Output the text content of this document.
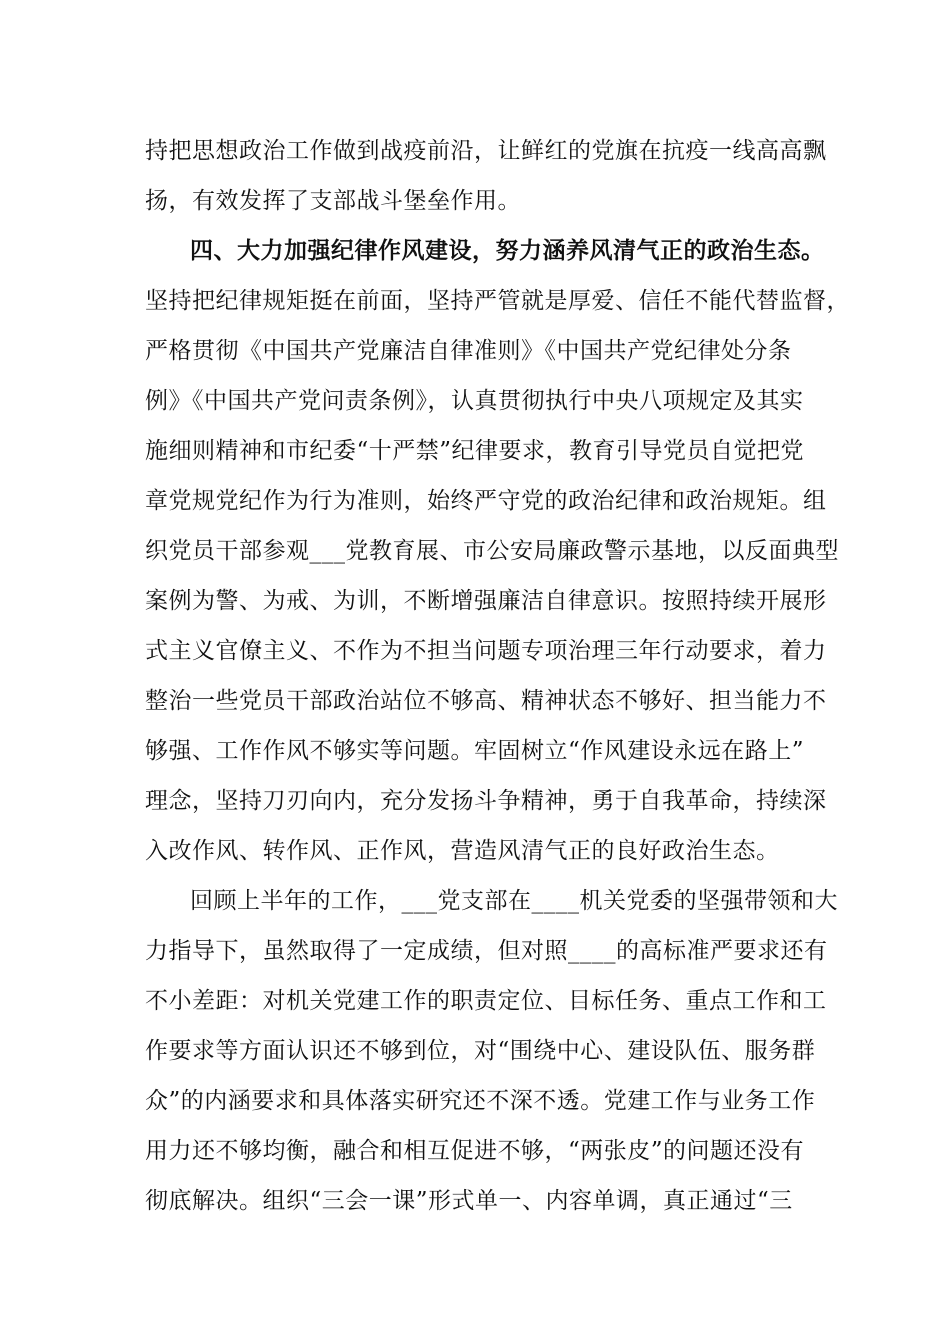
持把思想政治工作做到战疫前沿，让鲜红的党旗在抗疫一线高高飘
扬，有效发挥了支部战斗堡垒作用。
四、大力加强纪律作风建设，努力涵养风清气正的政治生态。
坚持把纪律规矩挺在前面，坚持严管就是厚爱、信任不能代替监督，
严格贯彻《中国共产党廉洁自律准则》《中国共产党纪律处分条
例》《中国共产党问责条例》，认真贯彻执行中央八项规定及其实
施细则精神和市纪委“十严禁”纪律要求，教育引导党员自觉把党
章党规党纪作为行为准则，始终严守党的政治纪律和政治规矩。组
织党员干部参观___党教育展、市公安局廉政警示基地，以反面典型
案例为警、为戒、为训，不断增强廉洁自律意识。按照持续开展形
式主义官僚主义、不作为不担当问题专项治理三年行动要求，着力
整治一些党员干部政治站位不够高、精神状态不够好、担当能力不
够强、工作作风不够实等问题。牢固树立“作风建设永远在路上”
理念，坚持刀刃向内，充分发扬斗争精神，勇于自我革命，持续深
入改作风、转作风、正作风，营造风清气正的良好政治生态。
回顾上半年的工作，___党支部在____机关党委的坚强带领和大
力指导下，虽然取得了一定成绩，但对照____的高标准严要求还有
不小差距：对机关党建工作的职责定位、目标任务、重点工作和工
作要求等方面认识还不够到位，对“围绕中心、建设队伍、服务群
众”的内涵要求和具体落实研究还不深不透。党建工作与业务工作
用力还不够均衡，融合和相互促进不够，“两张皮”的问题还没有
彻底解决。组织“三会一课”形式单一、内容单调，真正通过“三
